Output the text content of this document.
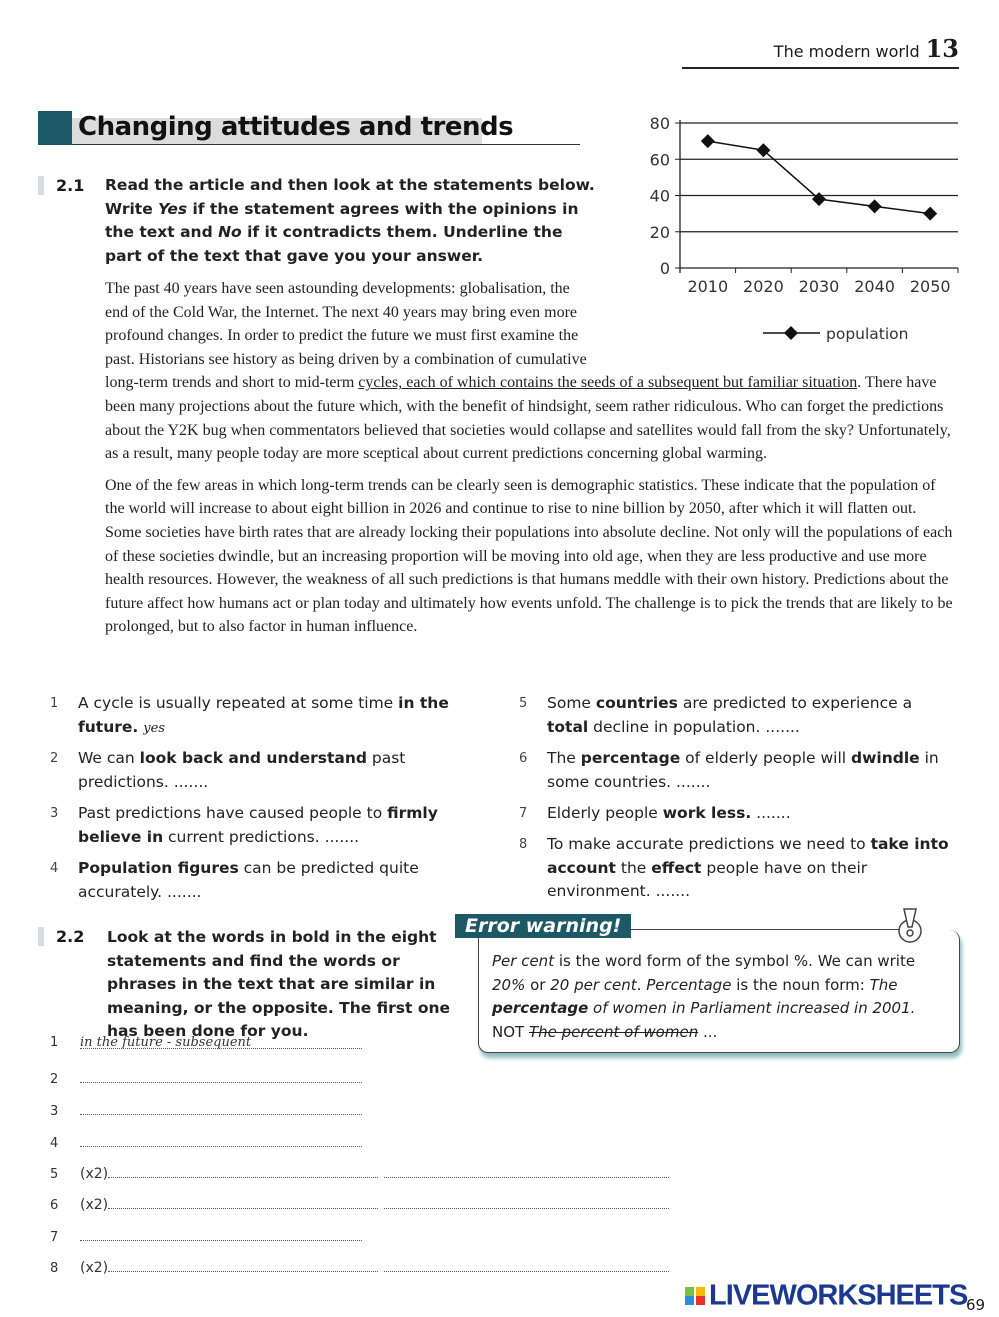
The modern world 13
Changing attitudes and trends
2.1 Read the article and then look at the statements below. Write Yes if the statement agrees with the opinions in the text and No if it contradicts them. Underline the part of the text that gave you your answer.
0
20
40
60
80
2010 2020 2030 2040 2050
population

The past 40 years have seen astounding developments: globalisation, the end of the Cold War, the Internet. The next 40 years may bring even more profound changes. In order to predict the future we must first examine the past. Historians see history as being driven by a combination of cumulative long-term trends and short to mid-term cycles, each of which contains the seeds of a subsequent but familiar situation. There have been many projections about the future which, with the benefit of hindsight, seem rather ridiculous. Who can forget the predictions about the Y2K bug when commentators believed that societies would collapse and satellites would fall from the sky? Unfortunately, as a result, many people today are more sceptical about current predictions concerning global warming.

One of the few areas in which long-term trends can be clearly seen is demographic statistics. These indicate that the population of the world will increase to about eight billion in 2026 and continue to rise to nine billion by 2050, after which it will flatten out. Some societies have birth rates that are already locking their populations into absolute decline. Not only will the populations of each of these societies dwindle, but an increasing proportion will be moving into old age, when they are less productive and use more health resources. However, the weakness of all such predictions is that humans meddle with their own history. Predictions about the future affect how humans act or plan today and ultimately how events unfold. The challenge is to pick the trends that are likely to be prolonged, but to also factor in human influence.

1 A cycle is usually repeated at some time in the future. yes
2 We can look back and understand past predictions. .......
3 Past predictions have caused people to firmly believe in current predictions. .......
4 Population figures can be predicted quite accurately. .......
5 Some countries are predicted to experience a total decline in population. .......
6 The percentage of elderly people will dwindle in some countries. .......
7 Elderly people work less. .......
8 To make accurate predictions we need to take into account the effect people have on their environment. .......
2.2 Look at the words in bold in the eight statements and find the words or phrases in the text that are similar in meaning, or the opposite. The first one has been done for you.
Error warning!
Per cent is the word form of the symbol %. We can write 20% or 20 per cent. Percentage is the noun form: The percentage of women in Parliament increased in 2001. NOT The percent of women ...
1 in the future - subsequent
2
3
4
5 (x2)
6 (x2)
7
8 (x2)

LIVEWORKSHEETS
69
